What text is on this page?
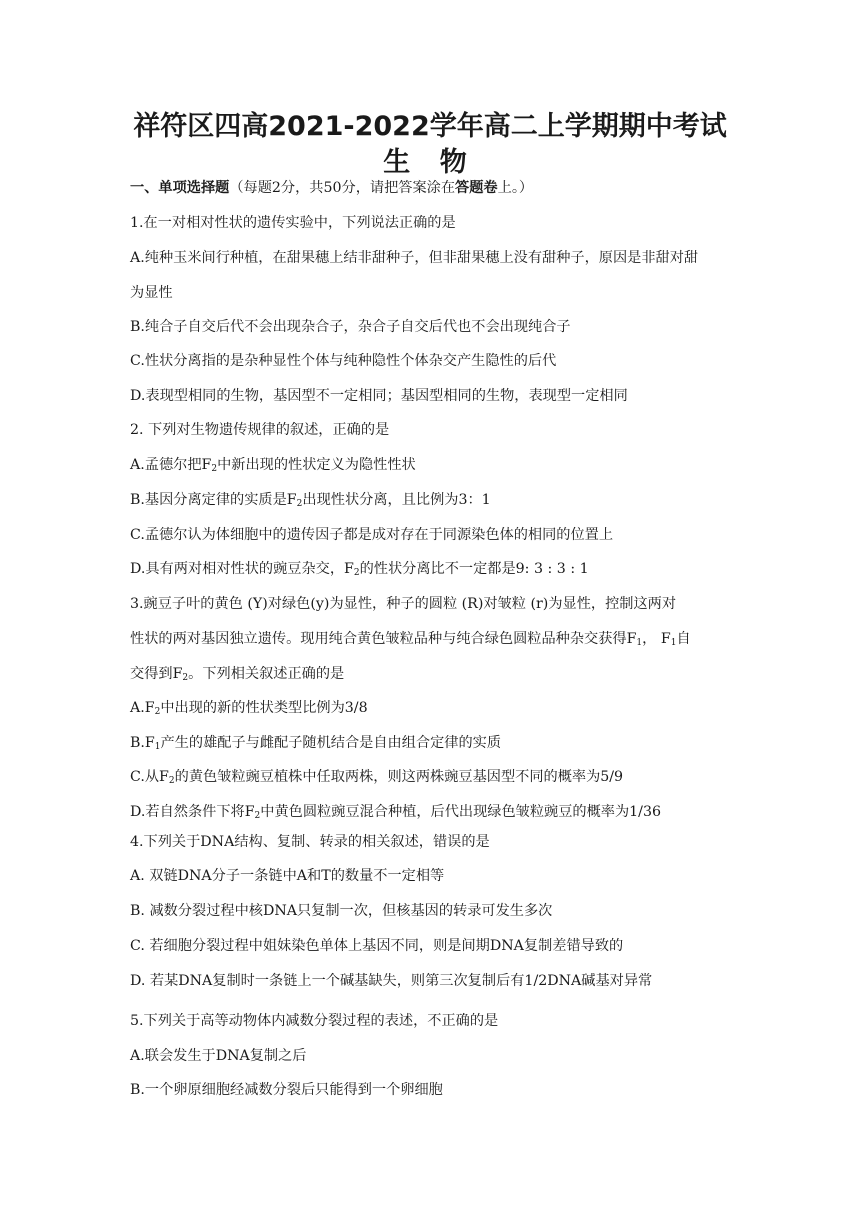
祥符区四高2021-2022学年高二上学期期中考试
生 物
一、单项选择题（每题2分，共50分，请把答案涂在答题卷上。）
1.在一对相对性状的遗传实验中，下列说法正确的是
A.纯种玉米间行种植，在甜果穗上结非甜种子，但非甜果穗上没有甜种子，原因是非甜对甜
为显性
B.纯合子自交后代不会出现杂合子，杂合子自交后代也不会出现纯合子
C.性状分离指的是杂种显性个体与纯种隐性个体杂交产生隐性的后代
D.表现型相同的生物，基因型不一定相同；基因型相同的生物，表现型一定相同
2. 下列对生物遗传规律的叙述，正确的是
A.孟德尔把$F_2$中新出现的性状定义为隐性性状
B.基因分离定律的实质是$F_2$出现性状分离，且比例为3：1
C.孟德尔认为体细胞中的遗传因子都是成对存在于同源染色体的相同的位置上
D.具有两对相对性状的豌豆杂交，$F_2$的性状分离比不一定都是9: 3 : 3 : 1
3.豌豆子叶的黄色 (Y)对绿色(y)为显性，种子的圆粒 (R)对皱粒 (r)为显性，控制这两对
性状的两对基因独立遗传。现用纯合黄色皱粒品种与纯合绿色圆粒品种杂交获得$F_1$， $F_1$自
交得到$F_2$。下列相关叙述正确的是
$A.F_2$中出现的新的性状类型比例为3/8
$B.F_1$产生的雄配子与雌配子随机结合是自由组合定律的实质
C.从$F_2$的黄色皱粒豌豆植株中任取两株，则这两株豌豆基因型不同的概率为5/9
D.若自然条件下将$F_2$中黄色圆粒豌豆混合种植，后代出现绿色皱粒豌豆的概率为1/36
4.下列关于DNA结构、复制、转录的相关叙述，错误的是
A. 双链DNA分子一条链中A和T的数量不一定相等
B. 减数分裂过程中核DNA只复制一次，但核基因的转录可发生多次
C. 若细胞分裂过程中姐妹染色单体上基因不同，则是间期DNA复制差错导致的
D. 若某DNA复制时一条链上一个碱基缺失，则第三次复制后有1/2DNA碱基对异常
5.下列关于高等动物体内减数分裂过程的表述，不正确的是
A.联会发生于DNA复制之后
B.一个卵原细胞经减数分裂后只能得到一个卵细胞
